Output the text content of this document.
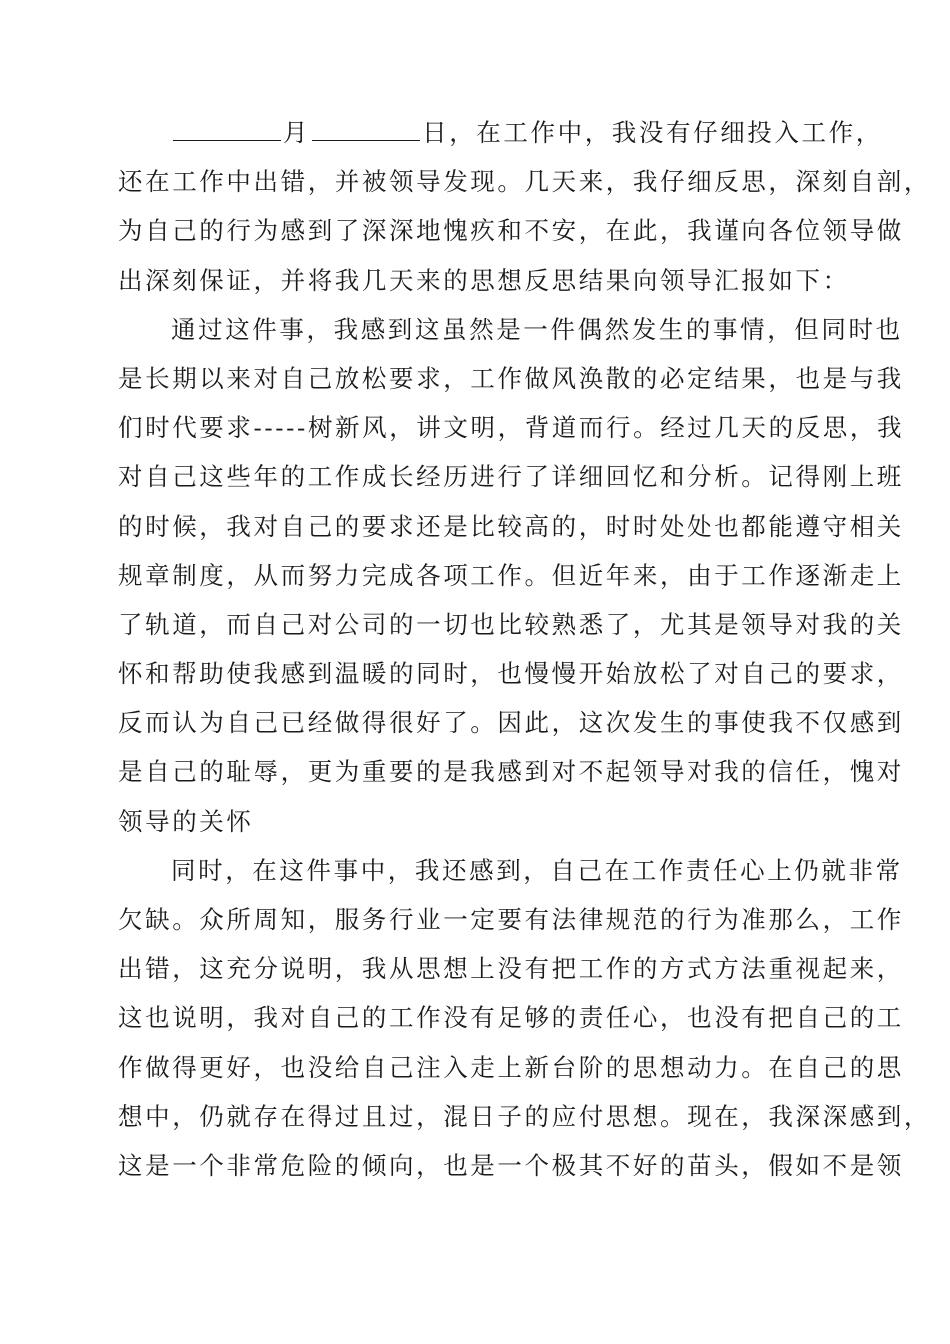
月	日，在工作中，我没有仔细投入工作，
还在工作中出错，并被领导发现。几天来，我仔细反思，深刻自剖，
为自己的行为感到了深深地愧疚和不安，在此，我谨向各位领导做
出深刻保证，并将我几天来的思想反思结果向领导汇报如下：
通过这件事，我感到这虽然是一件偶然发生的事情，但同时也
是长期以来对自己放松要求，工作做风涣散的必定结果，也是与我
们时代要求-----树新风，讲文明，背道而行。经过几天的反思，我
对自己这些年的工作成长经历进行了详细回忆和分析。记得刚上班
的时候，我对自己的要求还是比较高的，时时处处也都能遵守相关
规章制度，从而努力完成各项工作。但近年来，由于工作逐渐走上
了轨道，而自己对公司的一切也比较熟悉了，尤其是领导对我的关
怀和帮助使我感到温暖的同时，也慢慢开始放松了对自己的要求，
反而认为自己已经做得很好了。因此，这次发生的事使我不仅感到
是自己的耻辱，更为重要的是我感到对不起领导对我的信任，愧对
领导的关怀
同时，在这件事中，我还感到，自己在工作责任心上仍就非常
欠缺。众所周知，服务行业一定要有法律规范的行为准那么，工作
出错，这充分说明，我从思想上没有把工作的方式方法重视起来，
这也说明，我对自己的工作没有足够的责任心，也没有把自己的工
作做得更好，也没给自己注入走上新台阶的思想动力。在自己的思
想中，仍就存在得过且过，混日子的应付思想。现在，我深深感到，
这是一个非常危险的倾向，也是一个极其不好的苗头，假如不是领
